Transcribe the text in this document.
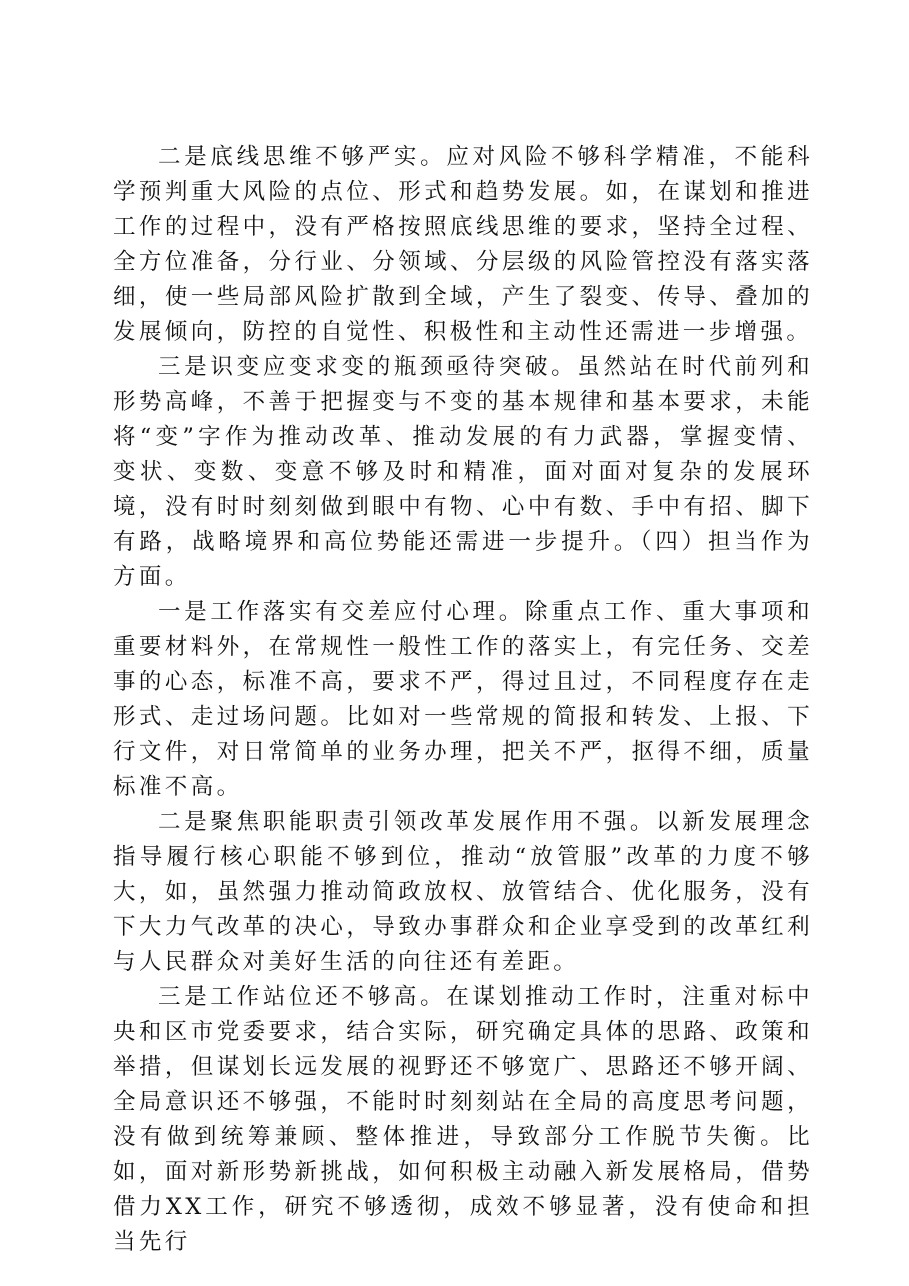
二是底线思维不够严实。应对风险不够科学精准，不能科学预判重大风险的点位、形式和趋势发展。如，在谋划和推进工作的过程中，没有严格按照底线思维的要求，坚持全过程、全方位准备，分行业、分领域、分层级的风险管控没有落实落细，使一些局部风险扩散到全域，产生了裂变、传导、叠加的发展倾向，防控的自觉性、积极性和主动性还需进一步增强。

三是识变应变求变的瓶颈亟待突破。虽然站在时代前列和形势高峰，不善于把握变与不变的基本规律和基本要求，未能将“变”字作为推动改革、推动发展的有力武器，掌握变情、变状、变数、变意不够及时和精准，面对面对复杂的发展环境，没有时时刻刻做到眼中有物、心中有数、手中有招、脚下有路，战略境界和高位势能还需进一步提升。（四）担当作为方面。

一是工作落实有交差应付心理。除重点工作、重大事项和重要材料外，在常规性一般性工作的落实上，有完任务、交差事的心态，标准不高，要求不严，得过且过，不同程度存在走形式、走过场问题。比如对一些常规的简报和转发、上报、下行文件，对日常简单的业务办理，把关不严，抠得不细，质量标准不高。

二是聚焦职能职责引领改革发展作用不强。以新发展理念指导履行核心职能不够到位，推动“放管服”改革的力度不够大，如，虽然强力推动简政放权、放管结合、优化服务，没有下大力气改革的决心，导致办事群众和企业享受到的改革红利与人民群众对美好生活的向往还有差距。

三是工作站位还不够高。在谋划推动工作时，注重对标中央和区市党委要求，结合实际，研究确定具体的思路、政策和举措，但谋划长远发展的视野还不够宽广、思路还不够开阔、全局意识还不够强，不能时时刻刻站在全局的高度思考问题，没有做到统筹兼顾、整体推进，导致部分工作脱节失衡。比如，面对新形势新挑战，如何积极主动融入新发展格局，借势借力XX工作，研究不够透彻，成效不够显著，没有使命和担当先行
